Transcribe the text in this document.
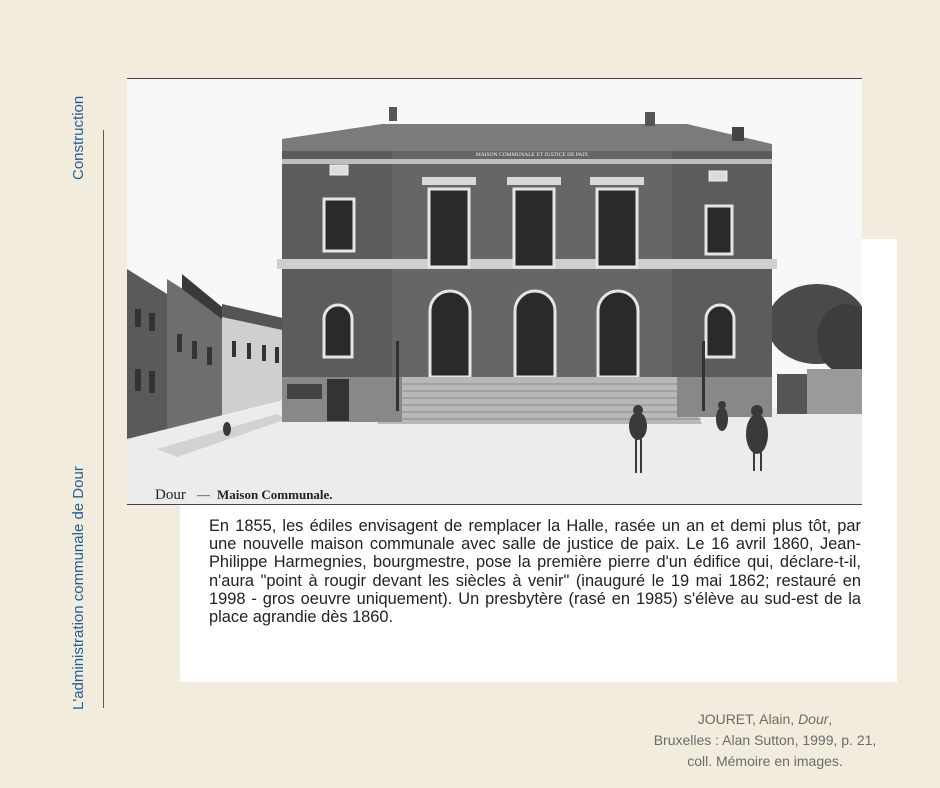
Construction
L'administration communale de Dour
MAISON COMMUNALE ET JUSTICE DE PAIX
Dour — Maison Communale.

En 1855, les édiles envisagent de remplacer la Halle, rasée un an et demi plus tôt, par une nouvelle maison communale avec salle de justice de paix. Le 16 avril 1860, Jean-Philippe Harmegnies, bourgmestre, pose la première pierre d'un édifice qui, déclare-t-il, n'aura "point à rougir devant les siècles à venir" (inauguré le 19 mai 1862; restauré en 1998 - gros oeuvre uniquement). Un presbytère (rasé en 1985) s'élève au sud-est de la place agrandie dès 1860.

JOURET, Alain, Dour,
Bruxelles : Alan Sutton, 1999, p. 21,
coll. Mémoire en images.
